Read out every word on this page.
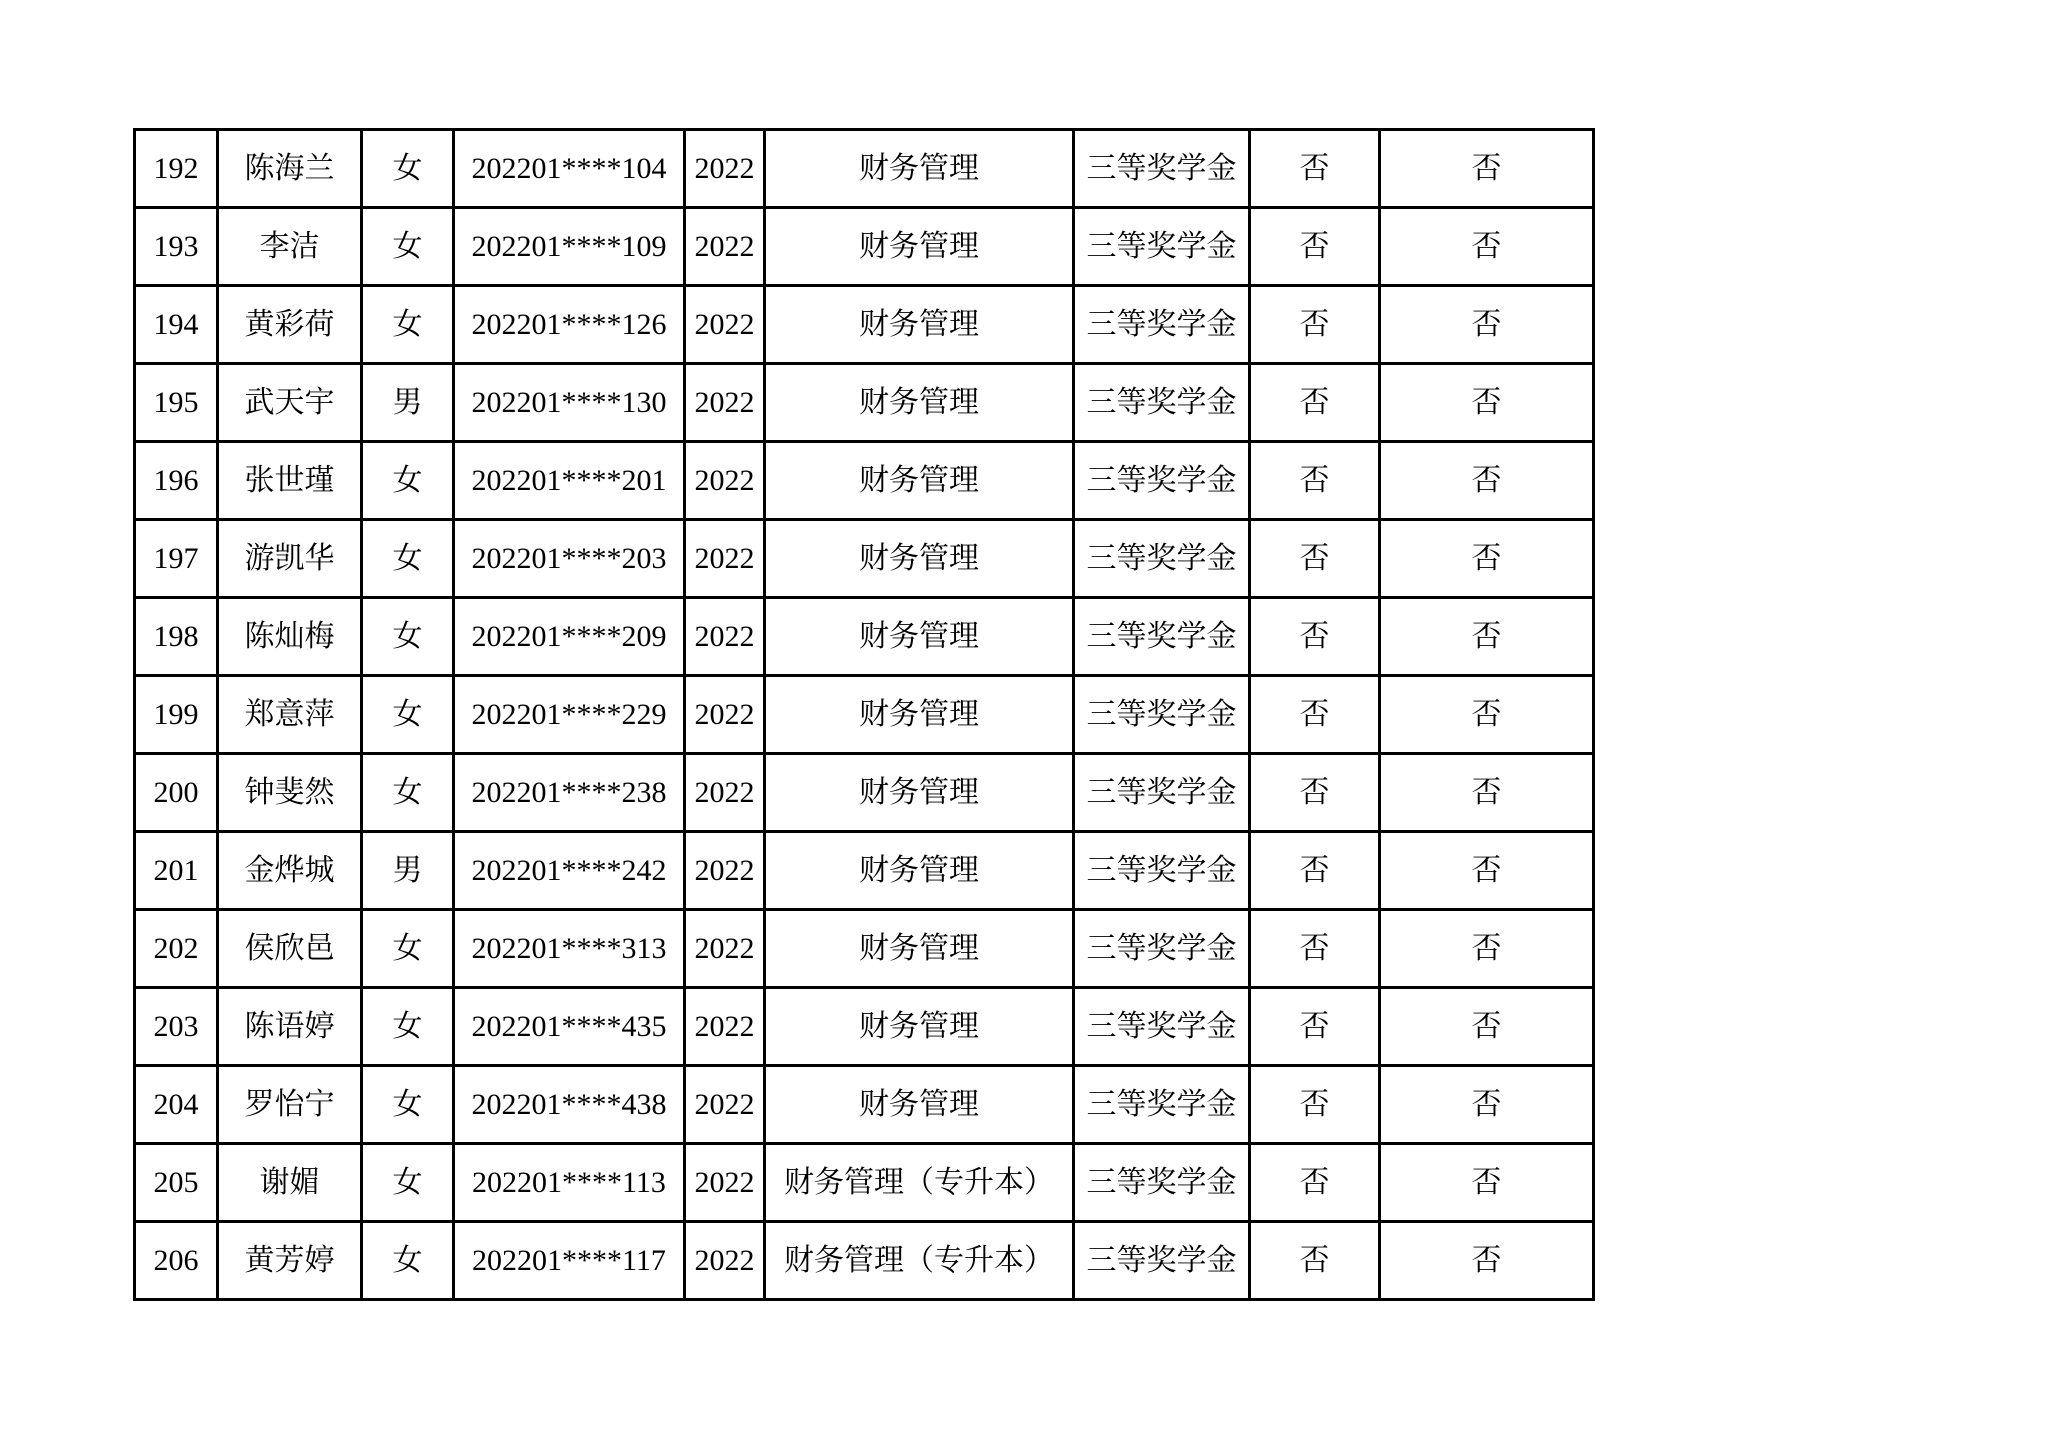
192	陈海兰	女	202201****104	2022	财务管理	三等奖学金	否	否
193	李洁	女	202201****109	2022	财务管理	三等奖学金	否	否
194	黄彩荷	女	202201****126	2022	财务管理	三等奖学金	否	否
195	武天宇	男	202201****130	2022	财务管理	三等奖学金	否	否
196	张世瑾	女	202201****201	2022	财务管理	三等奖学金	否	否
197	游凯华	女	202201****203	2022	财务管理	三等奖学金	否	否
198	陈灿梅	女	202201****209	2022	财务管理	三等奖学金	否	否
199	郑意萍	女	202201****229	2022	财务管理	三等奖学金	否	否
200	钟斐然	女	202201****238	2022	财务管理	三等奖学金	否	否
201	金烨城	男	202201****242	2022	财务管理	三等奖学金	否	否
202	侯欣邑	女	202201****313	2022	财务管理	三等奖学金	否	否
203	陈语婷	女	202201****435	2022	财务管理	三等奖学金	否	否
204	罗怡宁	女	202201****438	2022	财务管理	三等奖学金	否	否
205	谢媚	女	202201****113	2022	财务管理（专升本）	三等奖学金	否	否
206	黄芳婷	女	202201****117	2022	财务管理（专升本）	三等奖学金	否	否
